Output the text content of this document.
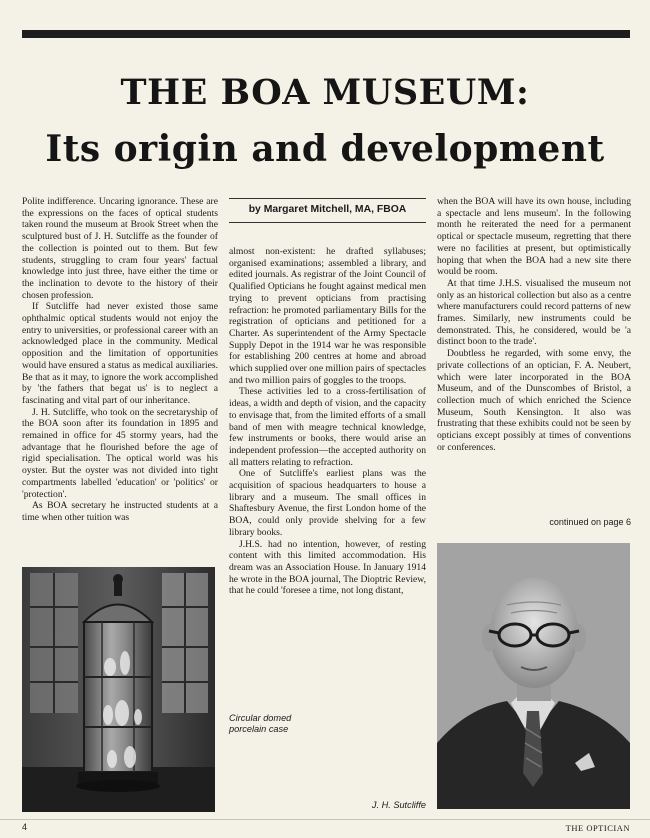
THE BOA MUSEUM:
Its origin and development

Polite indifference. Uncaring ignorance. These are the expressions on the faces of optical students taken round the museum at Brook Street when the sculptured bust of J. H. Sutcliffe as the founder of the collection is pointed out to them. But few students, struggling to cram four years' factual knowledge into just three, have either the time or the inclination to devote to the history of their chosen profession.

If Sutcliffe had never existed those same ophthalmic optical students would not enjoy the entry to universities, or professional career with an acknowledged place in the community. Medical opposition and the limitation of opportunities would have ensured a status as medical auxiliaries. Be that as it may, to ignore the work accomplished by 'the fathers that begat us' is to neglect a fascinating and vital part of our inheritance.

J. H. Sutcliffe, who took on the secretaryship of the BOA soon after its foundation in 1895 and remained in office for 45 stormy years, had the advantage that he flourished before the age of rigid specialisation. The optical world was his oyster. But the oyster was not divided into tight compartments labelled 'education' or 'politics' or 'protection'.

As BOA secretary he instructed students at a time when other tuition was

by Margaret Mitchell, MA, FBOA

almost non-existent: he drafted syllabuses; organised examinations; assembled a library, and edited journals. As registrar of the Joint Council of Qualified Opticians he fought against medical men trying to prevent opticians from practising refraction: he promoted parliamentary Bills for the registration of opticians and petitioned for a Charter. As superintendent of the Army Spectacle Supply Depot in the 1914 war he was responsible for establishing 200 centres at home and abroad which supplied over one million pairs of spectacles and two million pairs of goggles to the troops.

These activities led to a cross-fertilisation of ideas, a width and depth of vision, and the capacity to envisage that, from the limited efforts of a small band of men with meagre technical knowledge, few instruments or books, there would arise an independent profession—the accepted authority on all matters relating to refraction.

One of Sutcliffe's earliest plans was the acquisition of spacious headquarters to house a library and a museum. The small offices in Shaftesbury Avenue, the first London home of the BOA, could only provide shelving for a few library books.

J.H.S. had no intention, however, of resting content with this limited accommodation. His dream was an Association House. In January 1914 he wrote in the BOA journal, The Dioptric Review, that he could 'foresee a time, not long distant,

when the BOA will have its own house, including a spectacle and lens museum'. In the following month he reiterated the need for a permanent optical or spectacle museum, regretting that there were no facilities at present, but optimistically hoping that when the BOA had a new site there would be room.

At that time J.H.S. visualised the museum not only as an historical collection but also as a centre where manufacturers could record patterns of new frames. Similarly, new instruments could be demonstrated. This, he considered, would be 'a distinct boon to the trade'.

Doubtless he regarded, with some envy, the private collections of an optician, F. A. Neubert, which were later incorporated in the BOA Museum, and of the Dunscombes of Bristol, a collection much of which enriched the Science Museum, South Kensington. It also was frustrating that these exhibits could not be seen by opticians except possibly at times of conventions or conferences.

continued on page 6
Circular domed porcelain case
J. H. Sutcliffe
4	THE OPTICIAN
